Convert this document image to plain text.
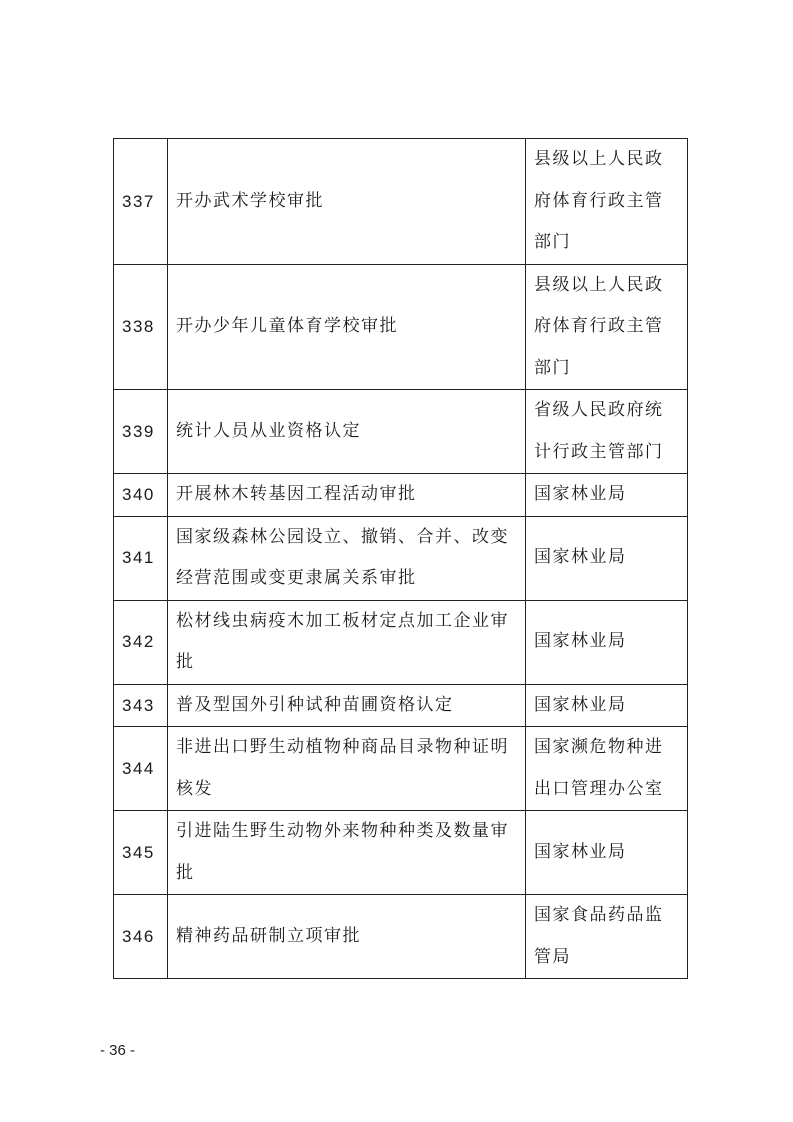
337	开办武术学校审批	县级以上人民政府体育行政主管部门
338	开办少年儿童体育学校审批	县级以上人民政府体育行政主管部门
339	统计人员从业资格认定	省级人民政府统计行政主管部门
340	开展林木转基因工程活动审批	国家林业局
341	国家级森林公园设立、撤销、合并、改变经营范围或变更隶属关系审批	国家林业局
342	松材线虫病疫木加工板材定点加工企业审批	国家林业局
343	普及型国外引种试种苗圃资格认定	国家林业局
344	非进出口野生动植物种商品目录物种证明核发	国家濒危物种进出口管理办公室
345	引进陆生野生动物外来物种种类及数量审批	国家林业局
346	精神药品研制立项审批	国家食品药品监管局
- 36 -
